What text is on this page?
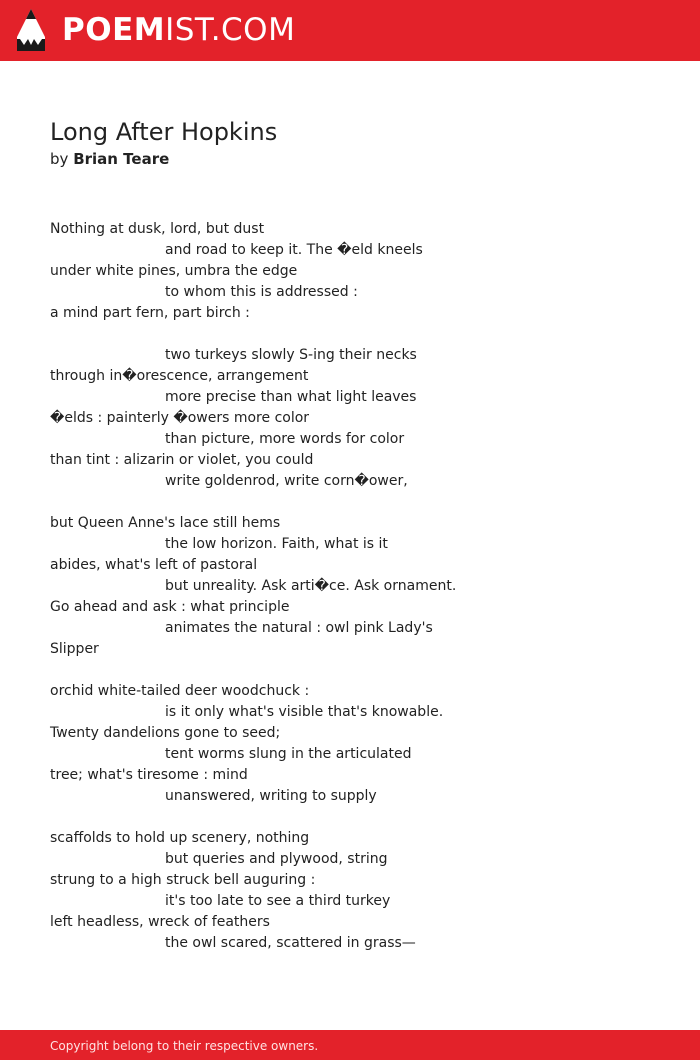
POEMIST.COM
Long After Hopkins
by Brian Teare
Nothing at dusk, lord, but dust
and road to keep it. The �eld kneels
under white pines, umbra the edge
to whom this is addressed :
a mind part fern, part birch :
two turkeys slowly S-ing their necks
through in�orescence, arrangement
more precise than what light leaves
�elds : painterly �owers more color
than picture, more words for color
than tint : alizarin or violet, you could
write goldenrod, write corn�ower,
but Queen Anne's lace still hems
the low horizon. Faith, what is it
abides, what's left of pastoral
but unreality. Ask arti�ce. Ask ornament.
Go ahead and ask : what principle
animates the natural : owl pink Lady's
Slipper
orchid white-tailed deer woodchuck :
is it only what's visible that's knowable.
Twenty dandelions gone to seed;
tent worms slung in the articulated
tree; what's tiresome : mind
unanswered, writing to supply
scaffolds to hold up scenery, nothing
but queries and plywood, string
strung to a high struck bell auguring :
it's too late to see a third turkey
left headless, wreck of feathers
the owl scared, scattered in grass—
Copyright belong to their respective owners.
